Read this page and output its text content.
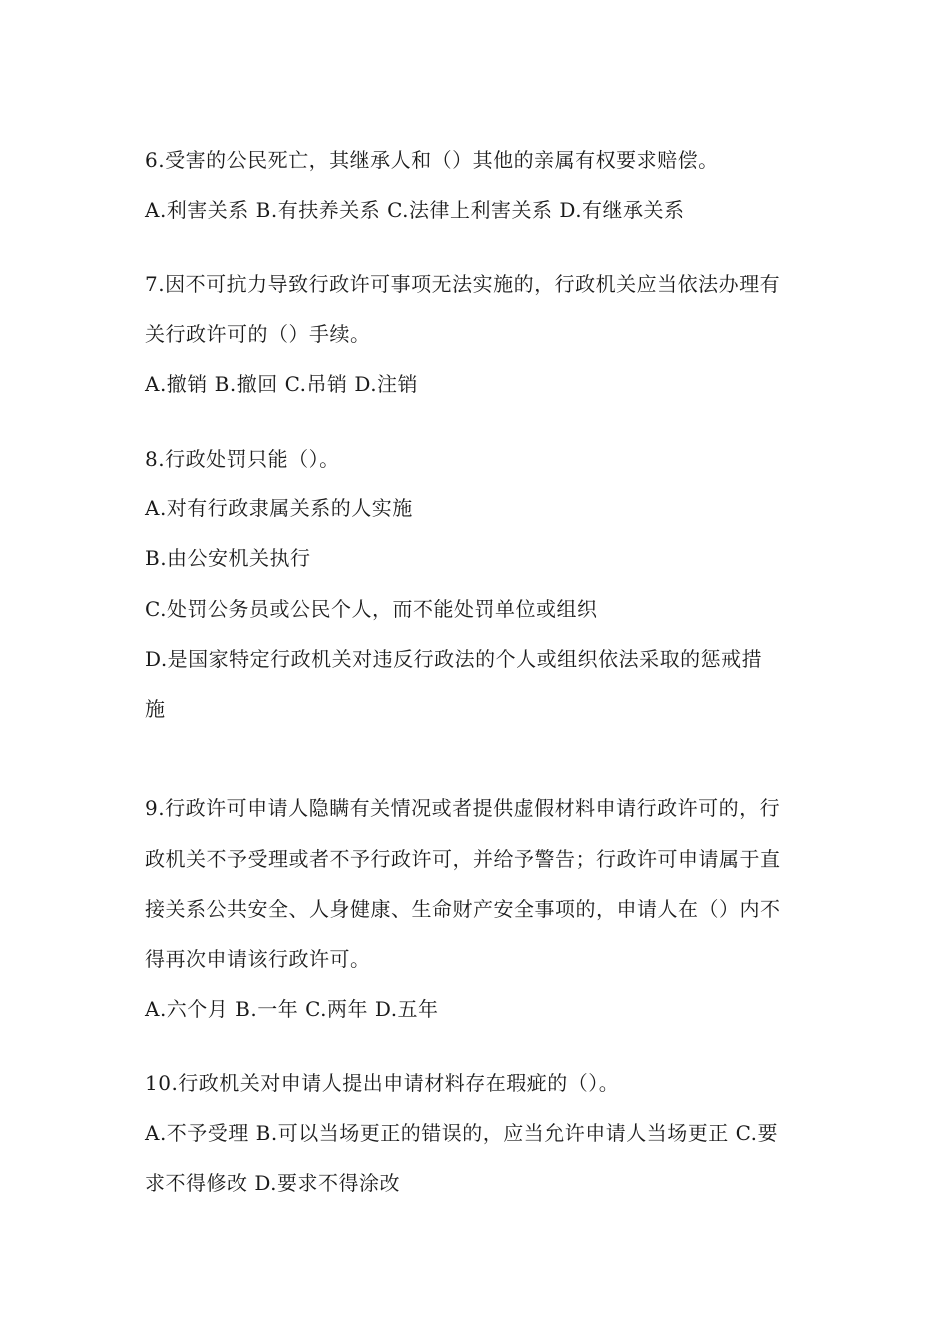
6.受害的公民死亡，其继承人和（）其他的亲属有权要求赔偿。
A.利害关系 B.有扶养关系 C.法律上利害关系 D.有继承关系
7.因不可抗力导致行政许可事项无法实施的，行政机关应当依法办理有
关行政许可的（）手续。
A.撤销 B.撤回 C.吊销 D.注销
8.行政处罚只能（）。
A.对有行政隶属关系的人实施
B.由公安机关执行
C.处罚公务员或公民个人，而不能处罚单位或组织
D.是国家特定行政机关对违反行政法的个人或组织依法采取的惩戒措
施
9.行政许可申请人隐瞒有关情况或者提供虚假材料申请行政许可的，行
政机关不予受理或者不予行政许可，并给予警告；行政许可申请属于直
接关系公共安全、人身健康、生命财产安全事项的，申请人在（）内不
得再次申请该行政许可。
A.六个月 B.一年 C.两年 D.五年
10.行政机关对申请人提出申请材料存在瑕疵的（）。
A.不予受理 B.可以当场更正的错误的，应当允许申请人当场更正 C.要
求不得修改 D.要求不得涂改
